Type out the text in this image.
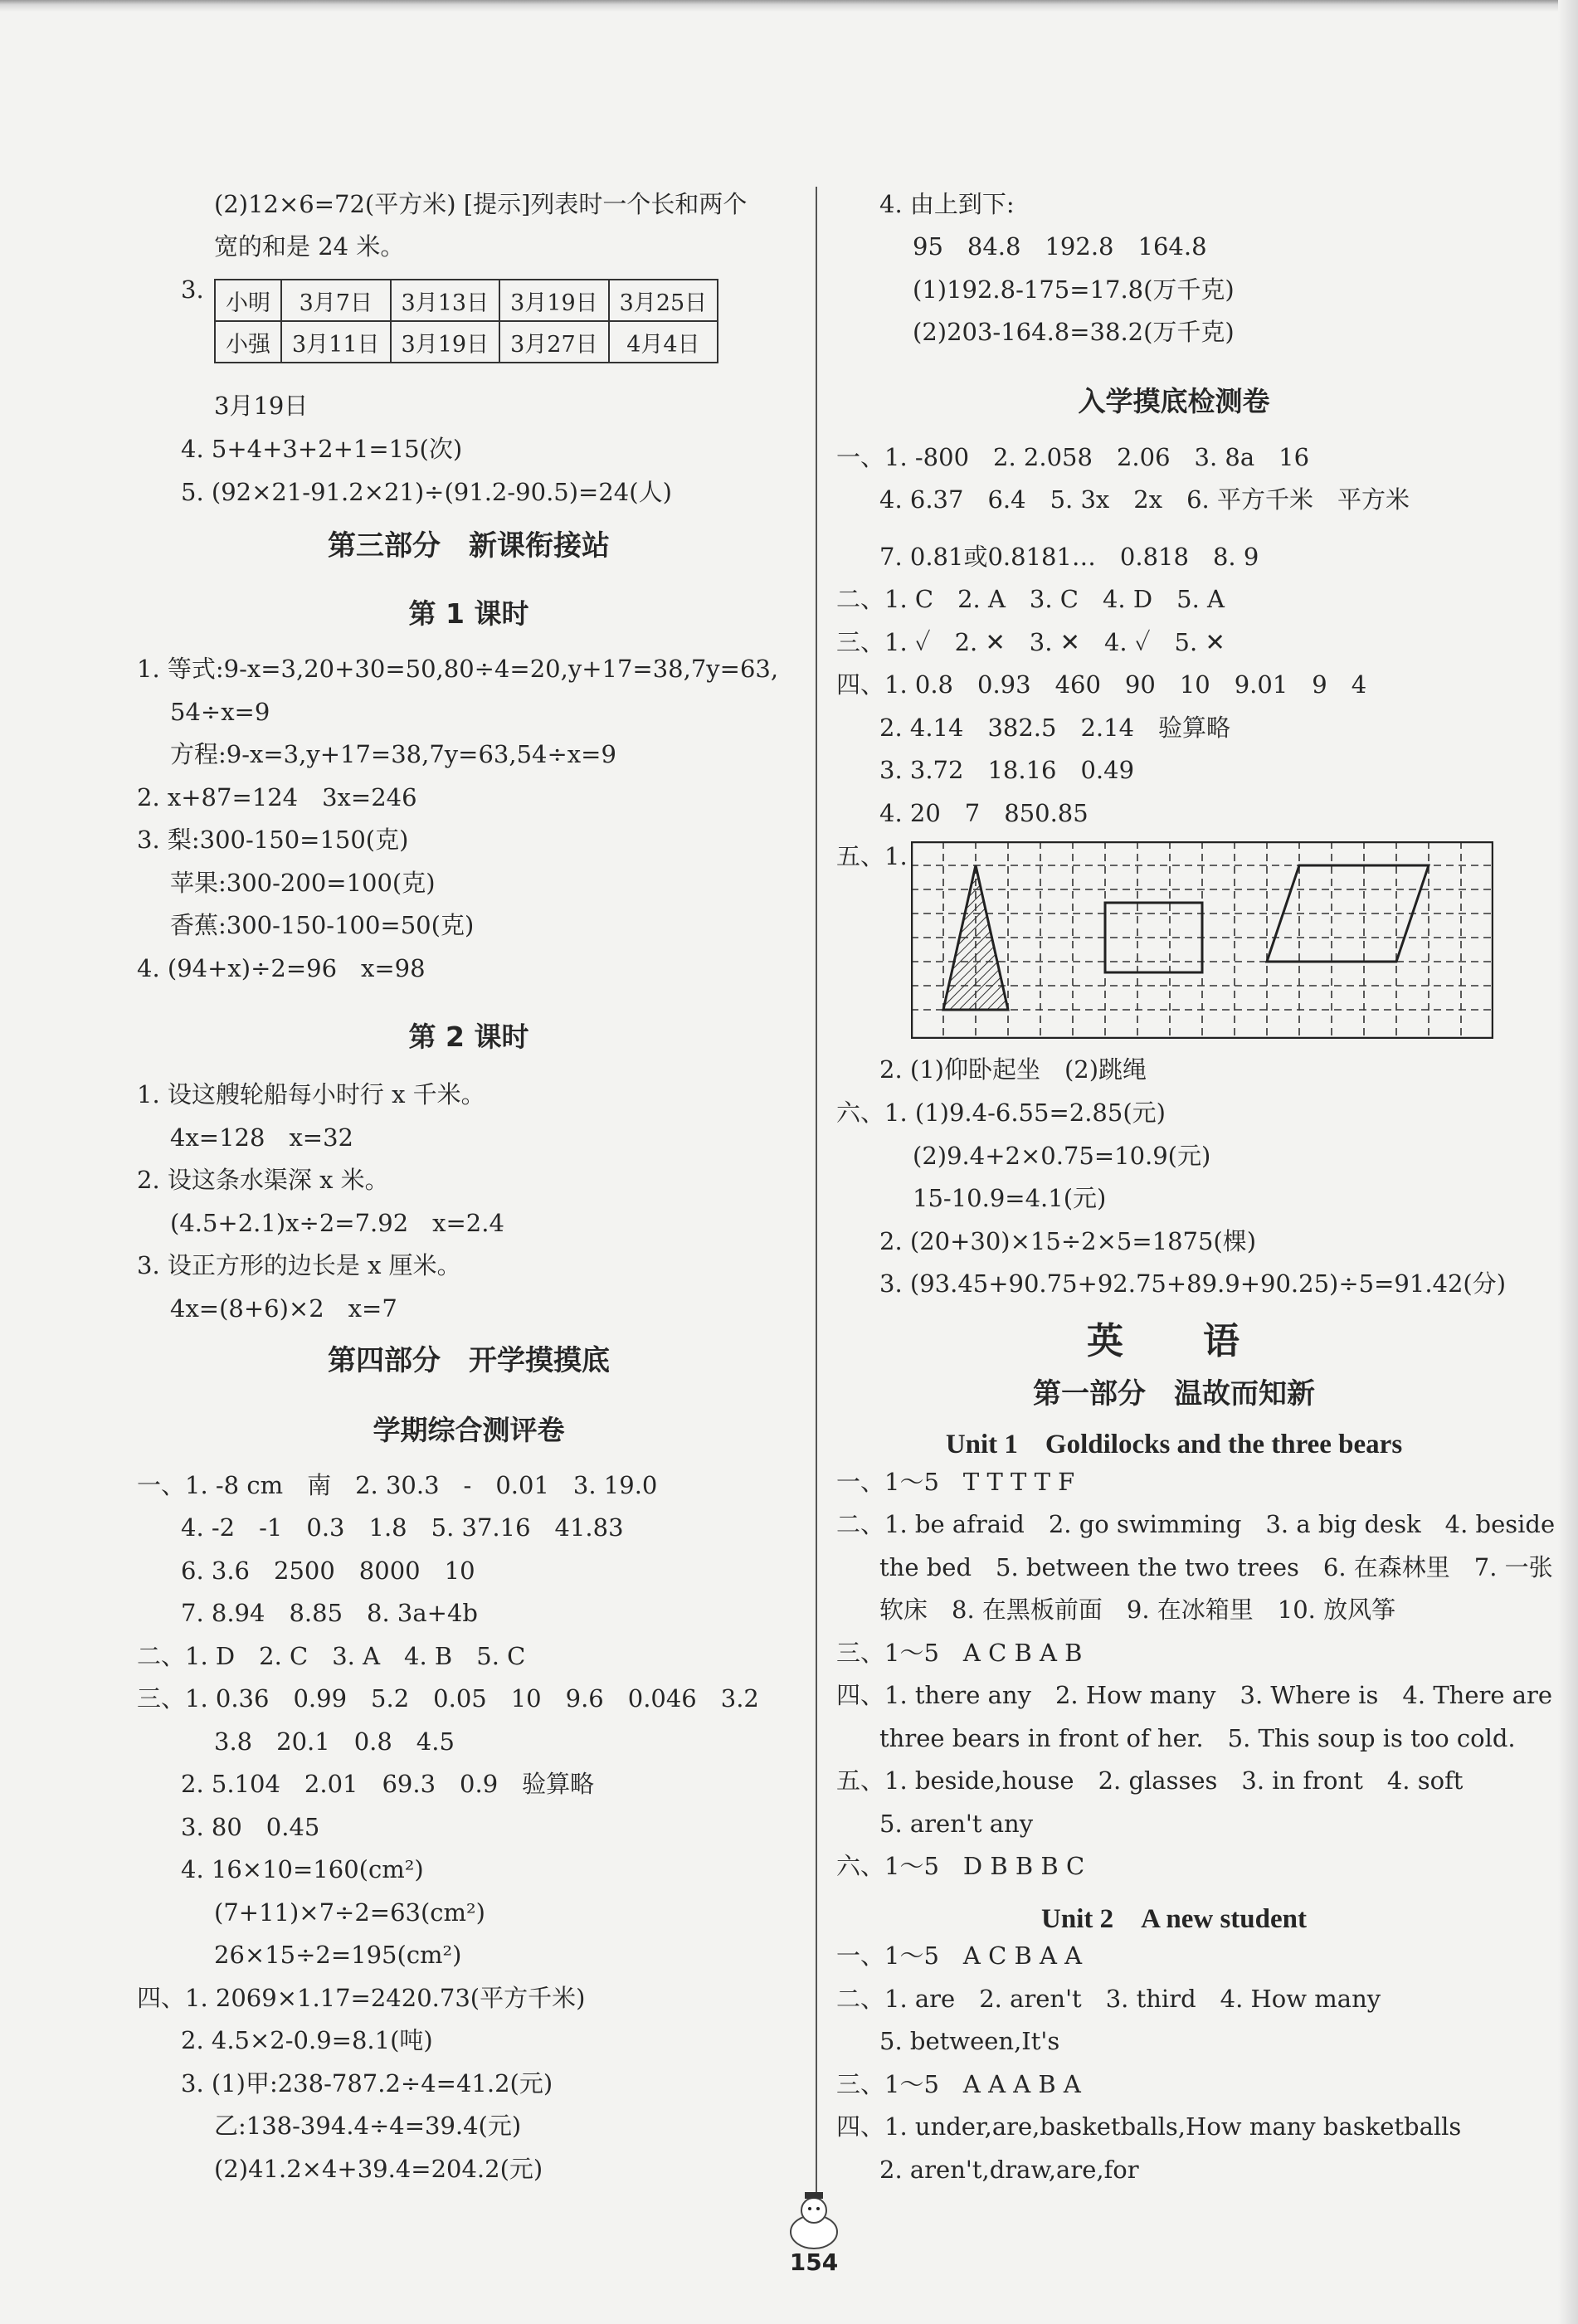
(2)12×6=72(平方米) [提示]列表时一个长和两个
宽的和是 24 米。
3. 小明	3月7日	3月13日	3月19日	3月25日
小强	3月11日	3月19日	3月27日	4月4日
3月19日
4. 5+4+3+2+1=15(次)
5. (92×21-91.2×21)÷(91.2-90.5)=24(人)
第三部分　新课衔接站
第 1 课时
1. 等式:9-x=3,20+30=50,80÷4=20,y+17=38,7y=63,
54÷x=9
方程:9-x=3,y+17=38,7y=63,54÷x=9
2. x+87=124　3x=246
3. 梨:300-150=150(克)
苹果:300-200=100(克)
香蕉:300-150-100=50(克)
4. (94+x)÷2=96　x=98
第 2 课时
1. 设这艘轮船每小时行 x 千米。
4x=128　x=32
2. 设这条水渠深 x 米。
(4.5+2.1)x÷2=7.92　x=2.4
3. 设正方形的边长是 x 厘米。
4x=(8+6)×2　x=7
第四部分　开学摸摸底
学期综合测评卷
一、1. -8 cm　南　2. 30.3　-　0.01　3. 19.0
4. -2　-1　0.3　1.8　5. 37.16　41.83
6. 3.6　2500　8000　10
7. 8.94　8.85　8. 3a+4b
二、1. D　2. C　3. A　4. B　5. C
三、1. 0.36　0.99　5.2　0.05　10　9.6　0.046　3.2
3.8　20.1　0.8　4.5
2. 5.104　2.01　69.3　0.9　验算略
3. 80　0.45
4. 16×10=160(cm²)
(7+11)×7÷2=63(cm²)
26×15÷2=195(cm²)
四、1. 2069×1.17=2420.73(平方千米)
2. 4.5×2-0.9=8.1(吨)
3. (1)甲:238-787.2÷4=41.2(元)
乙:138-394.4÷4=39.4(元)
(2)41.2×4+39.4=204.2(元)
4. 由上到下:
95　84.8　192.8　164.8
(1)192.8-175=17.8(万千克)
(2)203-164.8=38.2(万千克)
入学摸底检测卷
一、1. -800　2. 2.058　2.06　3. 8a　16
4. 6.37　6.4　5. 3x　2x　6. 平方千米　平方米
7. 0.81或0.8181…　0.818　8. 9
二、1. C　2. A　3. C　4. D　5. A
三、1. ✓　2. ✕　3. ✕　4. ✓　5. ✕
四、1. 0.8　0.93　460　90　10　9.01　9　4
2. 4.14　382.5　2.14　验算略
3. 3.72　18.16　0.49
4. 20　7　850.85
五、1.
2. (1)仰卧起坐　(2)跳绳
六、1. (1)9.4-6.55=2.85(元)
(2)9.4+2×0.75=10.9(元)
15-10.9=4.1(元)
2. (20+30)×15÷2×5=1875(棵)
3. (93.45+90.75+92.75+89.9+90.25)÷5=91.42(分)
英　语
第一部分　温故而知新
Unit 1　Goldilocks and the three bears
一、1～5　T T T T F
二、1. be afraid　2. go swimming　3. a big desk　4. beside
the bed　5. between the two trees　6. 在森林里　7. 一张
软床　8. 在黑板前面　9. 在冰箱里　10. 放风筝
三、1～5　A C B A B
四、1. there any　2. How many　3. Where is　4. There are
three bears in front of her.　5. This soup is too cold.
五、1. beside,house　2. glasses　3. in front　4. soft
5. aren't any
六、1～5　D B B B C
Unit 2　A new student
一、1～5　A C B A A
二、1. are　2. aren't　3. third　4. How many
5. between,It's
三、1～5　A A A B A
四、1. under,are,basketballs,How many basketballs
2. aren't,draw,are,for
154
